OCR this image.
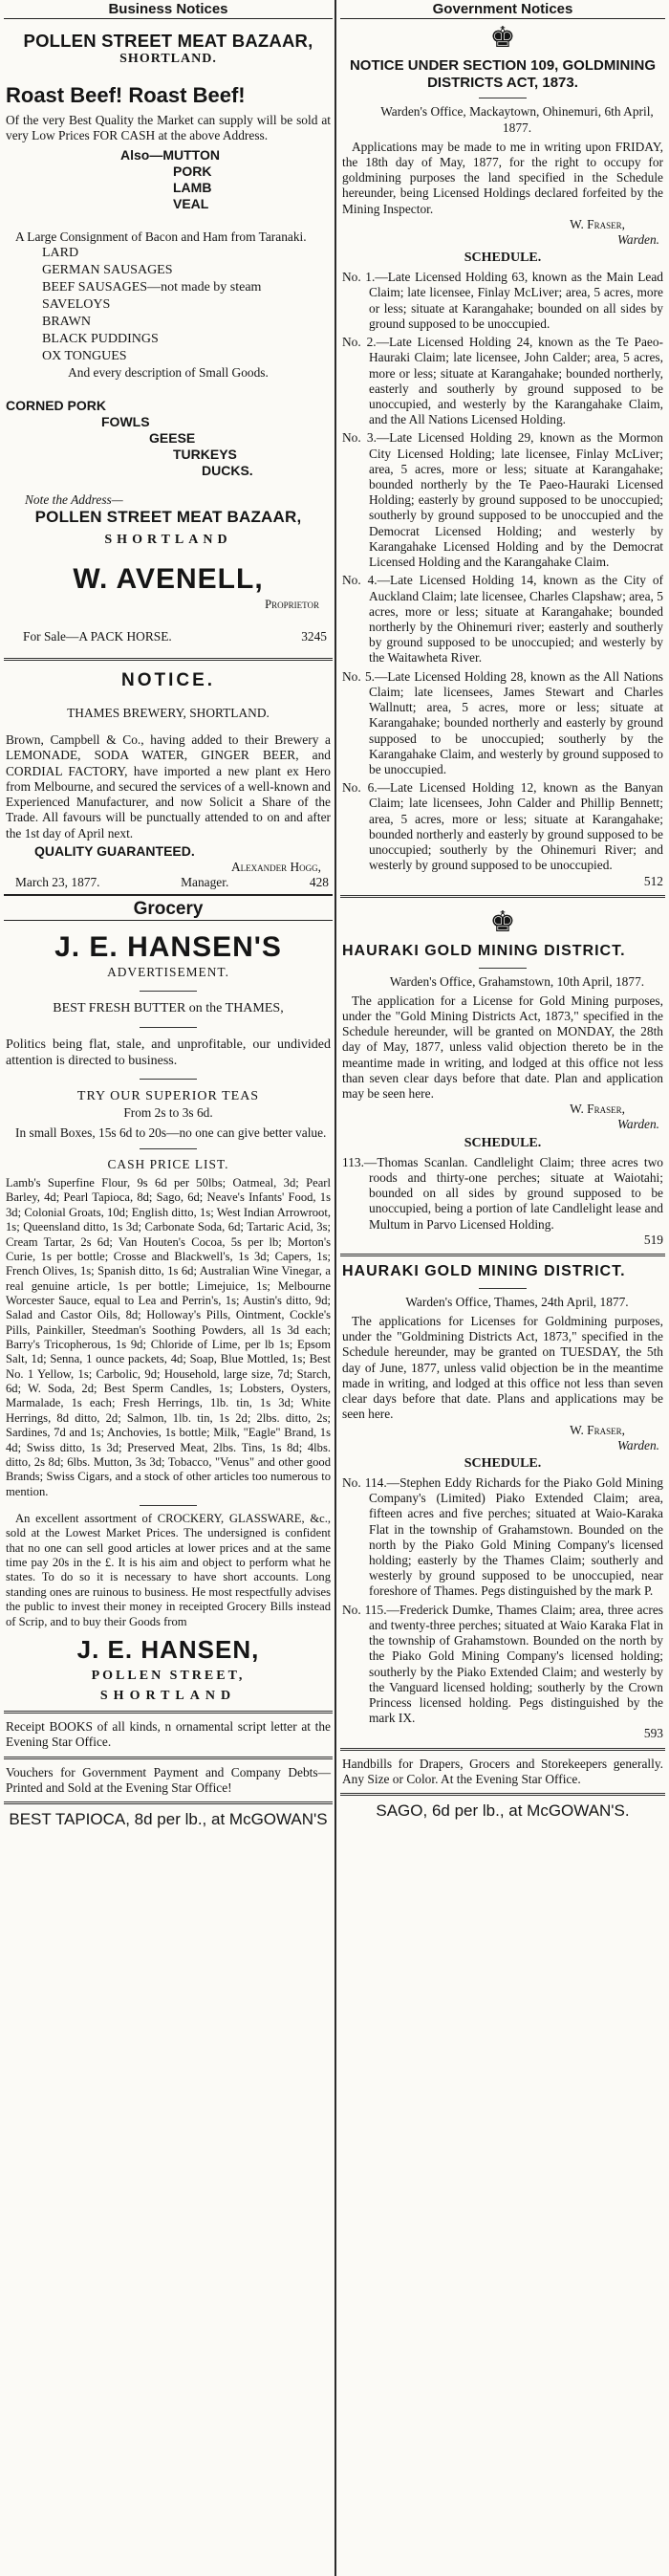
Business Notices
POLLEN STREET MEAT BAZAAR,
SHORTLAND.
Roast Beef! Roast Beef!
Of the very Best Quality the Market can supply will be sold at very Low Prices FOR CASH at the above Address.
Also—MUTTON
PORK
LAMB
VEAL
A Large Consignment of Bacon and Ham from Taranaki.
LARD
GERMAN SAUSAGES
BEEF SAUSAGES—not made by steam
SAVELOYS
BRAWN
BLACK PUDDINGS
OX TONGUES
And every description of Small Goods.
CORNED PORK
FOWLS
GEESE
TURKEYS
DUCKS.
Note the Address—
POLLEN STREET MEAT BAZAAR,
SHORTLAND
W. AVENELL,
Proprietor
For Sale—A PACK HORSE.	3245
NOTICE.
THAMES BREWERY, SHORTLAND.
Brown, Campbell & Co., having added to their Brewery a LEMONADE, SODA WATER, GINGER BEER, and CORDIAL FACTORY, have imported a new plant ex Hero from Melbourne, and secured the services of a well-known and Experienced Manufacturer, and now Solicit a Share of the Trade. All favours will be punctually attended to on and after the 1st day of April next.
QUALITY GUARANTEED.
Alexander Hogg,
March 23, 1877.	Manager.	428
Grocery
J. E. HANSEN'S
ADVERTISEMENT.
BEST FRESH BUTTER on the THAMES,
Politics being flat, stale, and unprofitable, our undivided attention is directed to business.
TRY OUR SUPERIOR TEAS
From 2s to 3s 6d.
In small Boxes, 15s 6d to 20s—no one can give better value.
CASH PRICE LIST.
Lamb's Superfine Flour, 9s 6d per 50lbs; Oatmeal, 3d; Pearl Barley, 4d; Pearl Tapioca, 8d; Sago, 6d; Neave's Infants' Food, 1s 3d; Colonial Groats, 10d; English ditto, 1s; West Indian Arrowroot, 1s; Queensland ditto, 1s 3d; Carbonate Soda, 6d; Tartaric Acid, 3s; Cream Tartar, 2s 6d; Van Houten's Cocoa, 5s per lb; Morton's Curie, 1s per bottle; Crosse and Blackwell's, 1s 3d; Capers, 1s; French Olives, 1s; Spanish ditto, 1s 6d; Australian Wine Vinegar, a real genuine article, 1s per bottle; Limejuice, 1s; Melbourne Worcester Sauce, equal to Lea and Perrin's, 1s; Austin's ditto, 9d; Salad and Castor Oils, 8d; Holloway's Pills, Ointment, Cockle's Pills, Painkiller, Steedman's Soothing Powders, all 1s 3d each; Barry's Tricopherous, 1s 9d; Chloride of Lime, per lb 1s; Epsom Salt, 1d; Senna, 1 ounce packets, 4d; Soap, Blue Mottled, 1s; Best No. 1 Yellow, 1s; Carbolic, 9d; Household, large size, 7d; Starch, 6d; W. Soda, 2d; Best Sperm Candles, 1s; Lobsters, Oysters, Marmalade, 1s each; Fresh Herrings, 1lb. tin, 1s 3d; White Herrings, 8d ditto, 2d; Salmon, 1lb. tin, 1s 2d; 2lbs. ditto, 2s; Sardines, 7d and 1s; Anchovies, 1s bottle; Milk, "Eagle" Brand, 1s 4d; Swiss ditto, 1s 3d; Preserved Meat, 2lbs. Tins, 1s 8d; 4lbs. ditto, 2s 8d; 6lbs. Mutton, 3s 3d; Tobacco, "Venus" and other good Brands; Swiss Cigars, and a stock of other articles too numerous to mention.
An excellent assortment of CROCKERY, GLASSWARE, &c., sold at the Lowest Market Prices. The undersigned is confident that no one can sell good articles at lower prices and at the same time pay 20s in the £. It is his aim and object to perform what he states. To do so it is necessary to have short accounts. Long standing ones are ruinous to business. He most respectfully advises the public to invest their money in receipted Grocery Bills instead of Scrip, and to buy their Goods from
J. E. HANSEN,
POLLEN STREET,
SHORTLAND
Receipt BOOKS of all kinds, n ornamental script letter at the Evening Star Office.
Vouchers for Government Payment and Company Debts—Printed and Sold at the Evening Star Office!
BEST TAPIOCA, 8d per lb., at McGOWAN'S
Government Notices
♚
NOTICE UNDER SECTION 109, GOLDMINING DISTRICTS ACT, 1873.
Warden's Office, Mackaytown, Ohinemuri, 6th April, 1877.
Applications may be made to me in writing upon FRIDAY, the 18th day of May, 1877, for the right to occupy for goldmining purposes the land specified in the Schedule hereunder, being Licensed Holdings declared forfeited by the Mining Inspector.
W. Fraser,
Warden.
SCHEDULE.
No. 1.—Late Licensed Holding 63, known as the Main Lead Claim; late licensee, Finlay McLiver; area, 5 acres, more or less; situate at Karangahake; bounded on all sides by ground supposed to be unoccupied.
No. 2.—Late Licensed Holding 24, known as the Te Paeo-Hauraki Claim; late licensee, John Calder; area, 5 acres, more or less; situate at Karangahake; bounded northerly, easterly and southerly by ground supposed to be unoccupied, and westerly by the Karangahake Claim, and the All Nations Licensed Holding.
No. 3.—Late Licensed Holding 29, known as the Mormon City Licensed Holding; late licensee, Finlay McLiver; area, 5 acres, more or less; situate at Karangahake; bounded northerly by the Te Paeo-Hauraki Licensed Holding; easterly by ground supposed to be unoccupied; southerly by ground supposed to be unoccupied and the Democrat Licensed Holding; and westerly by Karangahake Licensed Holding and by the Democrat Licensed Holding and the Karangahake Claim.
No. 4.—Late Licensed Holding 14, known as the City of Auckland Claim; late licensee, Charles Clapshaw; area, 5 acres, more or less; situate at Karangahake; bounded northerly by the Ohinemuri river; easterly and southerly by ground supposed to be unoccupied; and westerly by the Waitawheta River.
No. 5.—Late Licensed Holding 28, known as the All Nations Claim; late licensees, James Stewart and Charles Wallnutt; area, 5 acres, more or less; situate at Karangahake; bounded northerly and easterly by ground supposed to be unoccupied; southerly by the Karangahake Claim, and westerly by ground supposed to be unoccupied.
No. 6.—Late Licensed Holding 12, known as the Banyan Claim; late licensees, John Calder and Phillip Bennett; area, 5 acres, more or less; situate at Karangahake; bounded northerly and easterly by ground supposed to be unoccupied; southerly by the Ohinemuri River; and westerly by ground supposed to be unoccupied.
512
♚
HAURAKI GOLD MINING DISTRICT.
Warden's Office, Grahamstown, 10th April, 1877.
The application for a License for Gold Mining purposes, under the "Gold Mining Districts Act, 1873," specified in the Schedule hereunder, will be granted on MONDAY, the 28th day of May, 1877, unless valid objection thereto be in the meantime made in writing, and lodged at this office not less than seven clear days before that date. Plan and application may be seen here.
W. Fraser,
Warden.
SCHEDULE.
113.—Thomas Scanlan. Candlelight Claim; three acres two roods and thirty-one perches; situate at Waiotahi; bounded on all sides by ground supposed to be unoccupied, being a portion of late Candlelight lease and Multum in Parvo Licensed Holding.
519
HAURAKI GOLD MINING DISTRICT.
Warden's Office, Thames, 24th April, 1877.
The applications for Licenses for Goldmining purposes, under the "Goldmining Districts Act, 1873," specified in the Schedule hereunder, may be granted on TUESDAY, the 5th day of June, 1877, unless valid objection be in the meantime made in writing, and lodged at this office not less than seven clear days before that date. Plans and applications may be seen here.
W. Fraser,
Warden.
SCHEDULE.
No. 114.—Stephen Eddy Richards for the Piako Gold Mining Company's (Limited) Piako Extended Claim; area, fifteen acres and five perches; situated at Waio-Karaka Flat in the township of Grahamstown. Bounded on the north by the Piako Gold Mining Company's licensed holding; easterly by the Thames Claim; southerly and westerly by ground supposed to be unoccupied, near foreshore of Thames. Pegs distinguished by the mark P.
No. 115.—Frederick Dumke, Thames Claim; area, three acres and twenty-three perches; situated at Waio Karaka Flat in the township of Grahamstown. Bounded on the north by the Piako Gold Mining Company's licensed holding; southerly by the Piako Extended Claim; and westerly by the Vanguard licensed holding; southerly by the Crown Princess licensed holding. Pegs distinguished by the mark IX.
593
Handbills for Drapers, Grocers and Storekeepers generally. Any Size or Color. At the Evening Star Office.
SAGO, 6d per lb., at McGOWAN'S.
